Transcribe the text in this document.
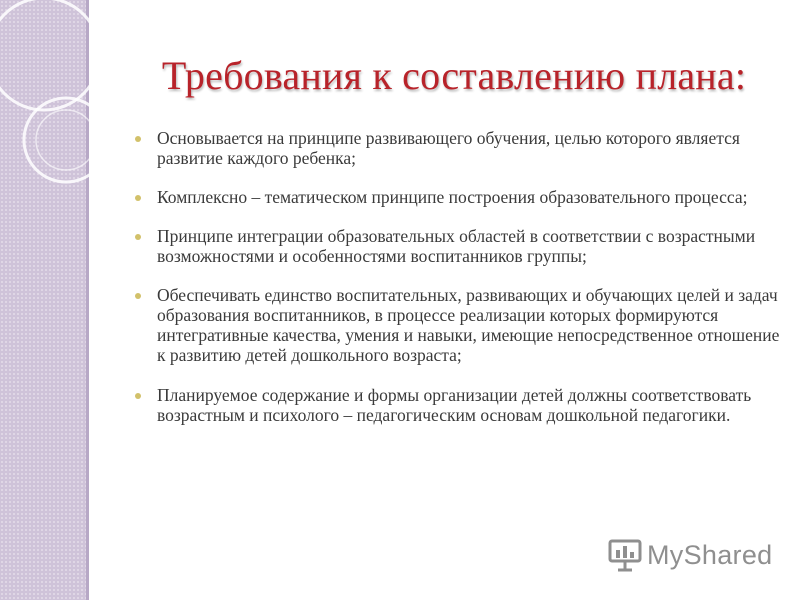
Требования к составлению плана:
Основывается на принципе развивающего обучения, целью которого является развитие каждого ребенка;
Комплексно – тематическом принципе построения образовательного процесса;
Принципе интеграции образовательных областей в соответствии с возрастными возможностями и особенностями воспитанников группы;
Обеспечивать единство воспитательных, развивающих и обучающих целей и задач образования воспитанников, в процессе реализации которых формируются интегративные качества, умения и навыки, имеющие непосредственное отношение к развитию детей дошкольного возраста;
Планируемое содержание и формы организации детей должны соответствовать возрастным и психолого – педагогическим основам дошкольной педагогики.
MyShared
